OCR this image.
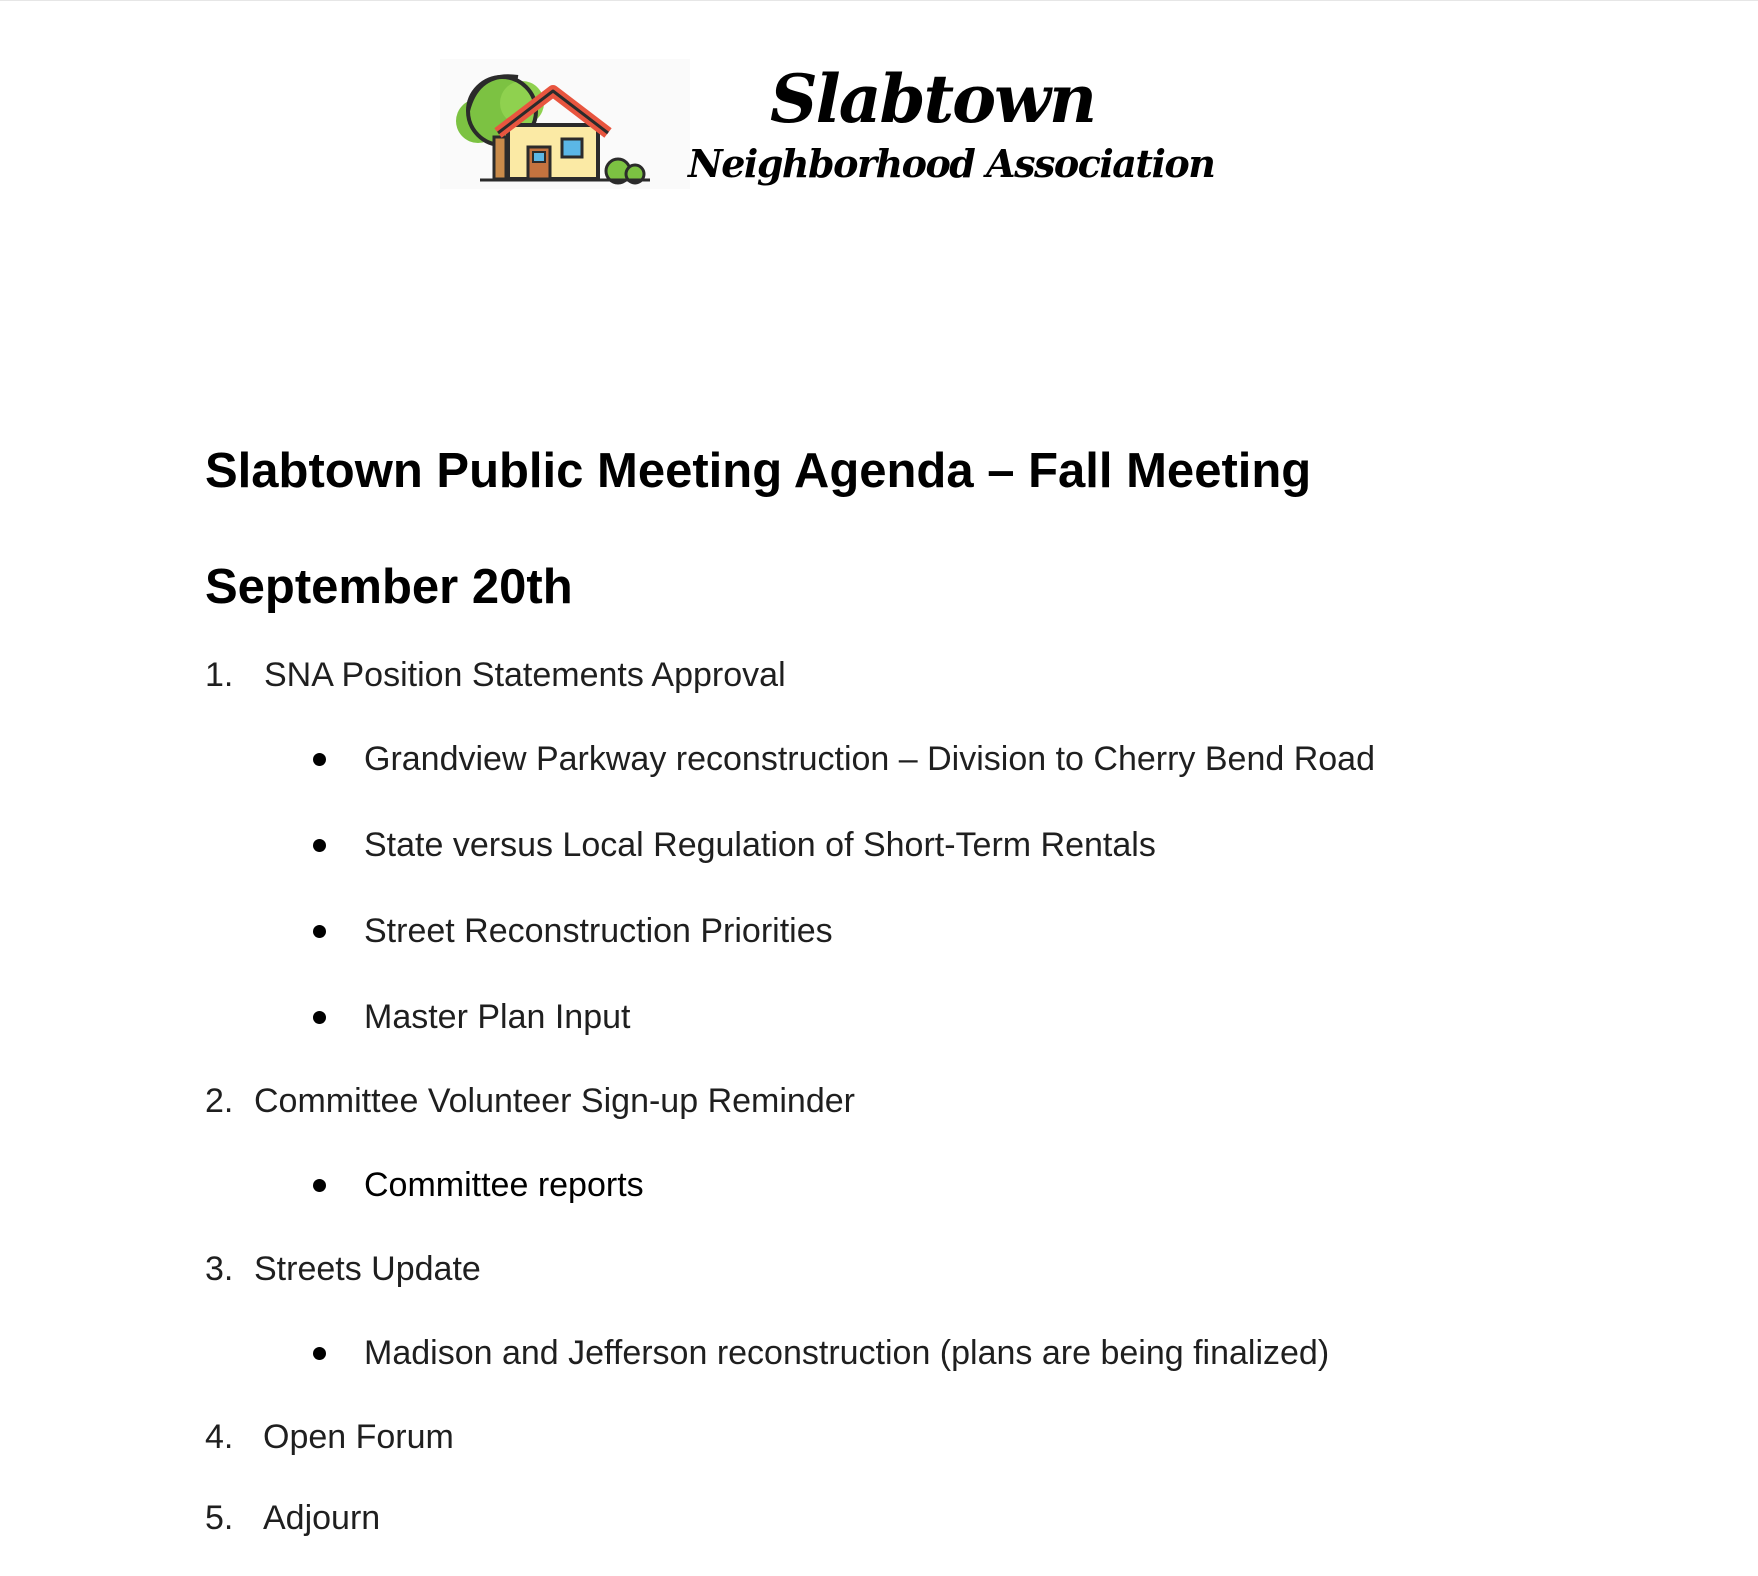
Slabtown
Neighborhood Association
Slabtown Public Meeting Agenda – Fall Meeting
September 20th
1. SNA Position Statements Approval
Grandview Parkway reconstruction – Division to Cherry Bend Road
State versus Local Regulation of Short-Term Rentals
Street Reconstruction Priorities
Master Plan Input
2. Committee Volunteer Sign-up Reminder
Committee reports
3. Streets Update
Madison and Jefferson reconstruction (plans are being finalized)
4. Open Forum
5. Adjourn
